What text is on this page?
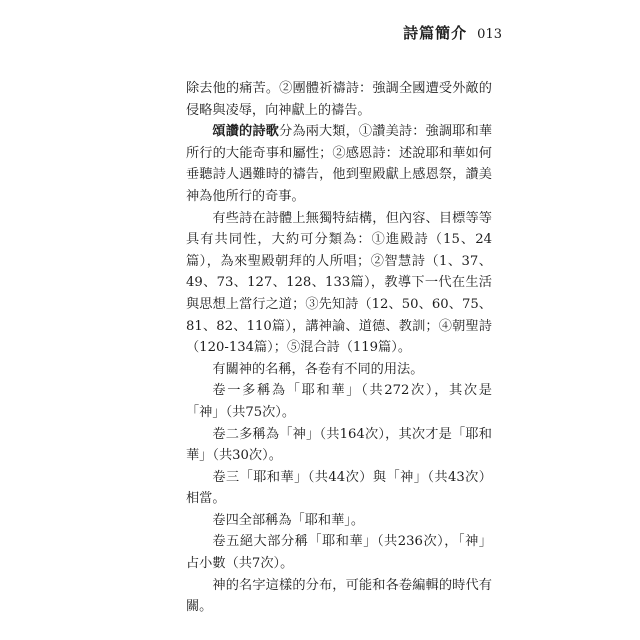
詩篇簡介 013

除去他的痛苦。②團體祈禱詩：強調全國遭受外敵的侵略與凌辱，向神獻上的禱告。

頌讚的詩歌分為兩大類，①讚美詩：強調耶和華所行的大能奇事和屬性；②感恩詩：述說耶和華如何垂聽詩人遇難時的禱告，他到聖殿獻上感恩祭，讚美神為他所行的奇事。

有些詩在詩體上無獨特結構，但內容、目標等等具有共同性，大約可分類為：①進殿詩（15、24篇），為來聖殿朝拜的人所唱；②智慧詩（1、37、49、73、127、128、133篇），教導下一代在生活與思想上當行之道；③先知詩（12、50、60、75、81、82、110篇），講神論、道德、教訓；④朝聖詩（120-134篇）；⑤混合詩（119篇）。

有關神的名稱，各卷有不同的用法。

卷一多稱為「耶和華」（共272次），其次是「神」（共75次）。

卷二多稱為「神」（共164次），其次才是「耶和華」（共30次）。

卷三「耶和華」（共44次）與「神」（共43次）相當。

卷四全部稱為「耶和華」。

卷五絕大部分稱「耶和華」（共236次），「神」占小數（共7次）。

神的名字這樣的分布，可能和各卷編輯的時代有關。
